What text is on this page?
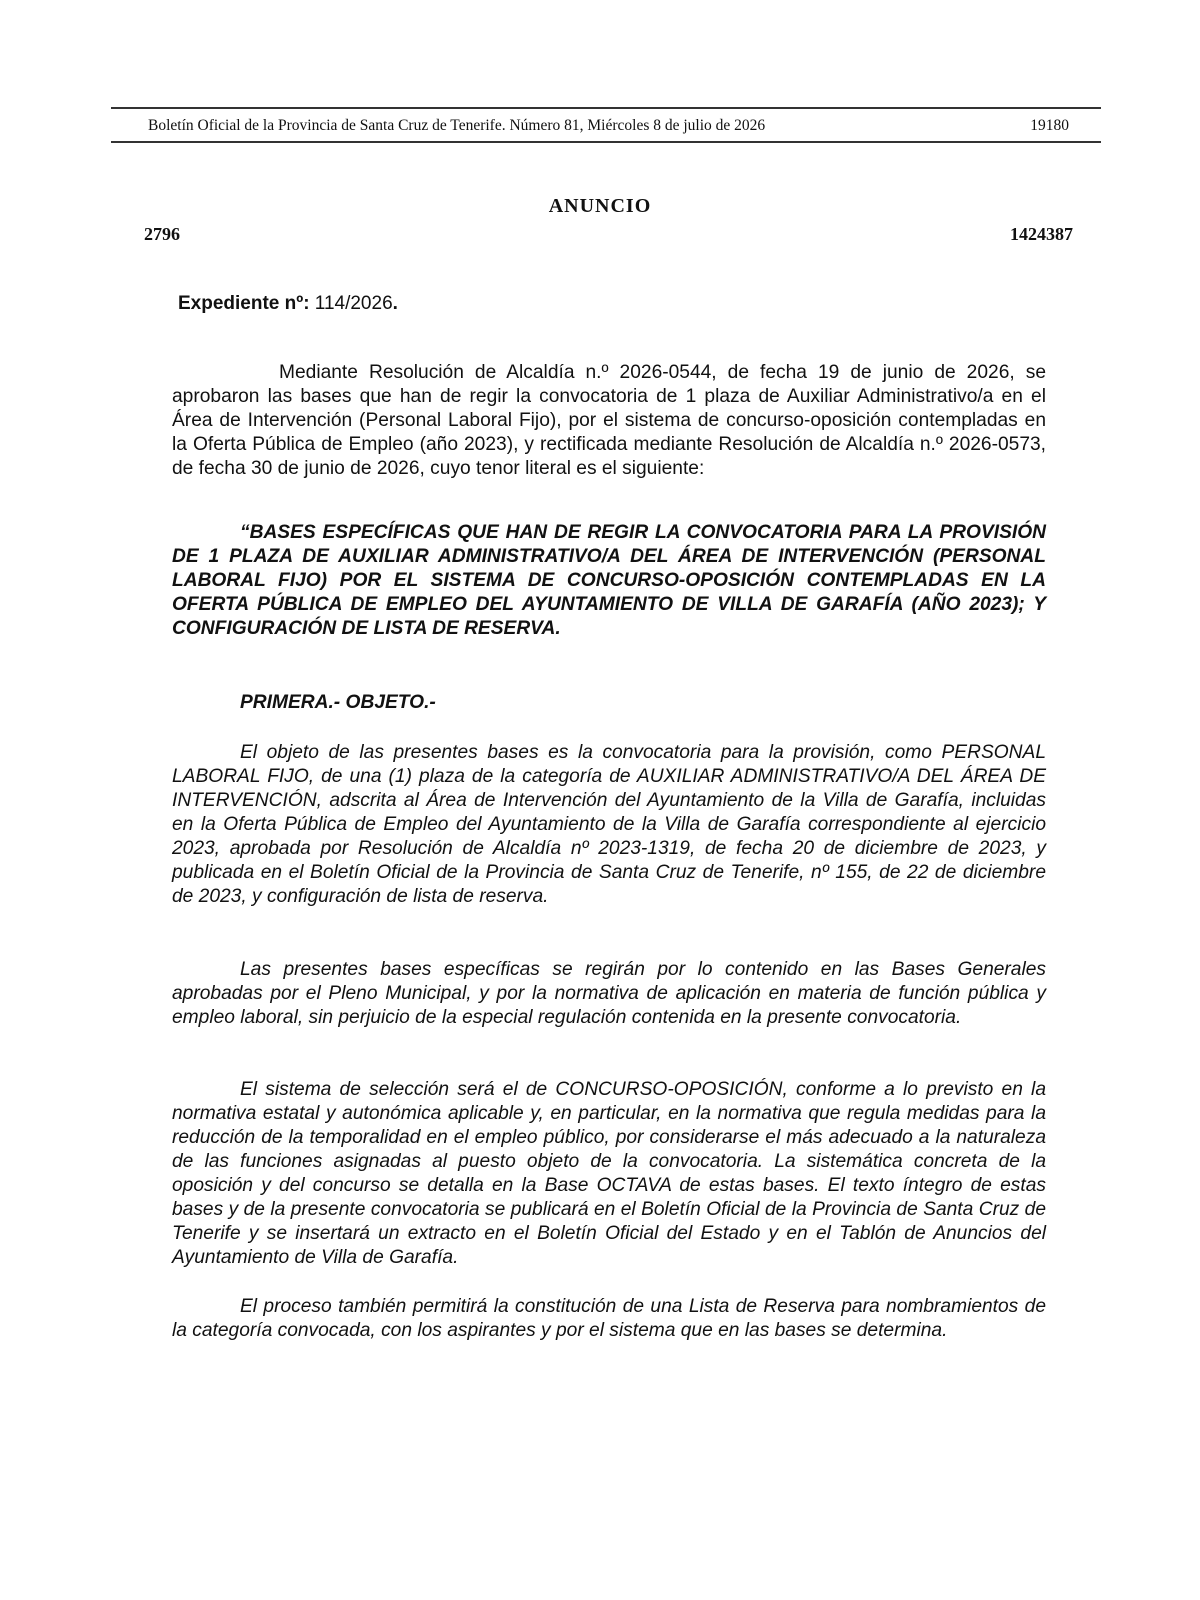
Boletín Oficial de la Provincia de Santa Cruz de Tenerife. Número 81, Miércoles 8 de julio de 2026	19180
ANUNCIO
2796	1424387
Expediente nº: 114/2026.

Mediante Resolución de Alcaldía n.º 2026-0544, de fecha 19 de junio de 2026, se aprobaron las bases que han de regir la convocatoria de 1 plaza de Auxiliar Administrativo/a en el Área de Intervención (Personal Laboral Fijo), por el sistema de concurso-oposición contempladas en la Oferta Pública de Empleo (año 2023), y rectificada mediante Resolución de Alcaldía n.º 2026-0573, de fecha 30 de junio de 2026, cuyo tenor literal es el siguiente:

“BASES ESPECÍFICAS QUE HAN DE REGIR LA CONVOCATORIA PARA LA PROVISIÓN DE 1 PLAZA DE AUXILIAR ADMINISTRATIVO/A DEL ÁREA DE INTERVENCIÓN (PERSONAL LABORAL FIJO) POR EL SISTEMA DE CONCURSO-OPOSICIÓN CONTEMPLADAS EN LA OFERTA PÚBLICA DE EMPLEO DEL AYUNTAMIENTO DE VILLA DE GARAFÍA (AÑO 2023); Y CONFIGURACIÓN DE LISTA DE RESERVA.

PRIMERA.- OBJETO.-

El objeto de las presentes bases es la convocatoria para la provisión, como PERSONAL LABORAL FIJO, de una (1) plaza de la categoría de AUXILIAR ADMINISTRATIVO/A DEL ÁREA DE INTERVENCIÓN, adscrita al Área de Intervención del Ayuntamiento de la Villa de Garafía, incluidas en la Oferta Pública de Empleo del Ayuntamiento de la Villa de Garafía correspondiente al ejercicio 2023, aprobada por Resolución de Alcaldía nº 2023-1319, de fecha 20 de diciembre de 2023, y publicada en el Boletín Oficial de la Provincia de Santa Cruz de Tenerife, nº 155, de 22 de diciembre de 2023, y configuración de lista de reserva.

Las presentes bases específicas se regirán por lo contenido en las Bases Generales aprobadas por el Pleno Municipal, y por la normativa de aplicación en materia de función pública y empleo laboral, sin perjuicio de la especial regulación contenida en la presente convocatoria.

El sistema de selección será el de CONCURSO-OPOSICIÓN, conforme a lo previsto en la normativa estatal y autonómica aplicable y, en particular, en la normativa que regula medidas para la reducción de la temporalidad en el empleo público, por considerarse el más adecuado a la naturaleza de las funciones asignadas al puesto objeto de la convocatoria. La sistemática concreta de la oposición y del concurso se detalla en la Base OCTAVA de estas bases. El texto íntegro de estas bases y de la presente convocatoria se publicará en el Boletín Oficial de la Provincia de Santa Cruz de Tenerife y se insertará un extracto en el Boletín Oficial del Estado y en el Tablón de Anuncios del Ayuntamiento de Villa de Garafía.

El proceso también permitirá la constitución de una Lista de Reserva para nombramientos de la categoría convocada, con los aspirantes y por el sistema que en las bases se determina.
